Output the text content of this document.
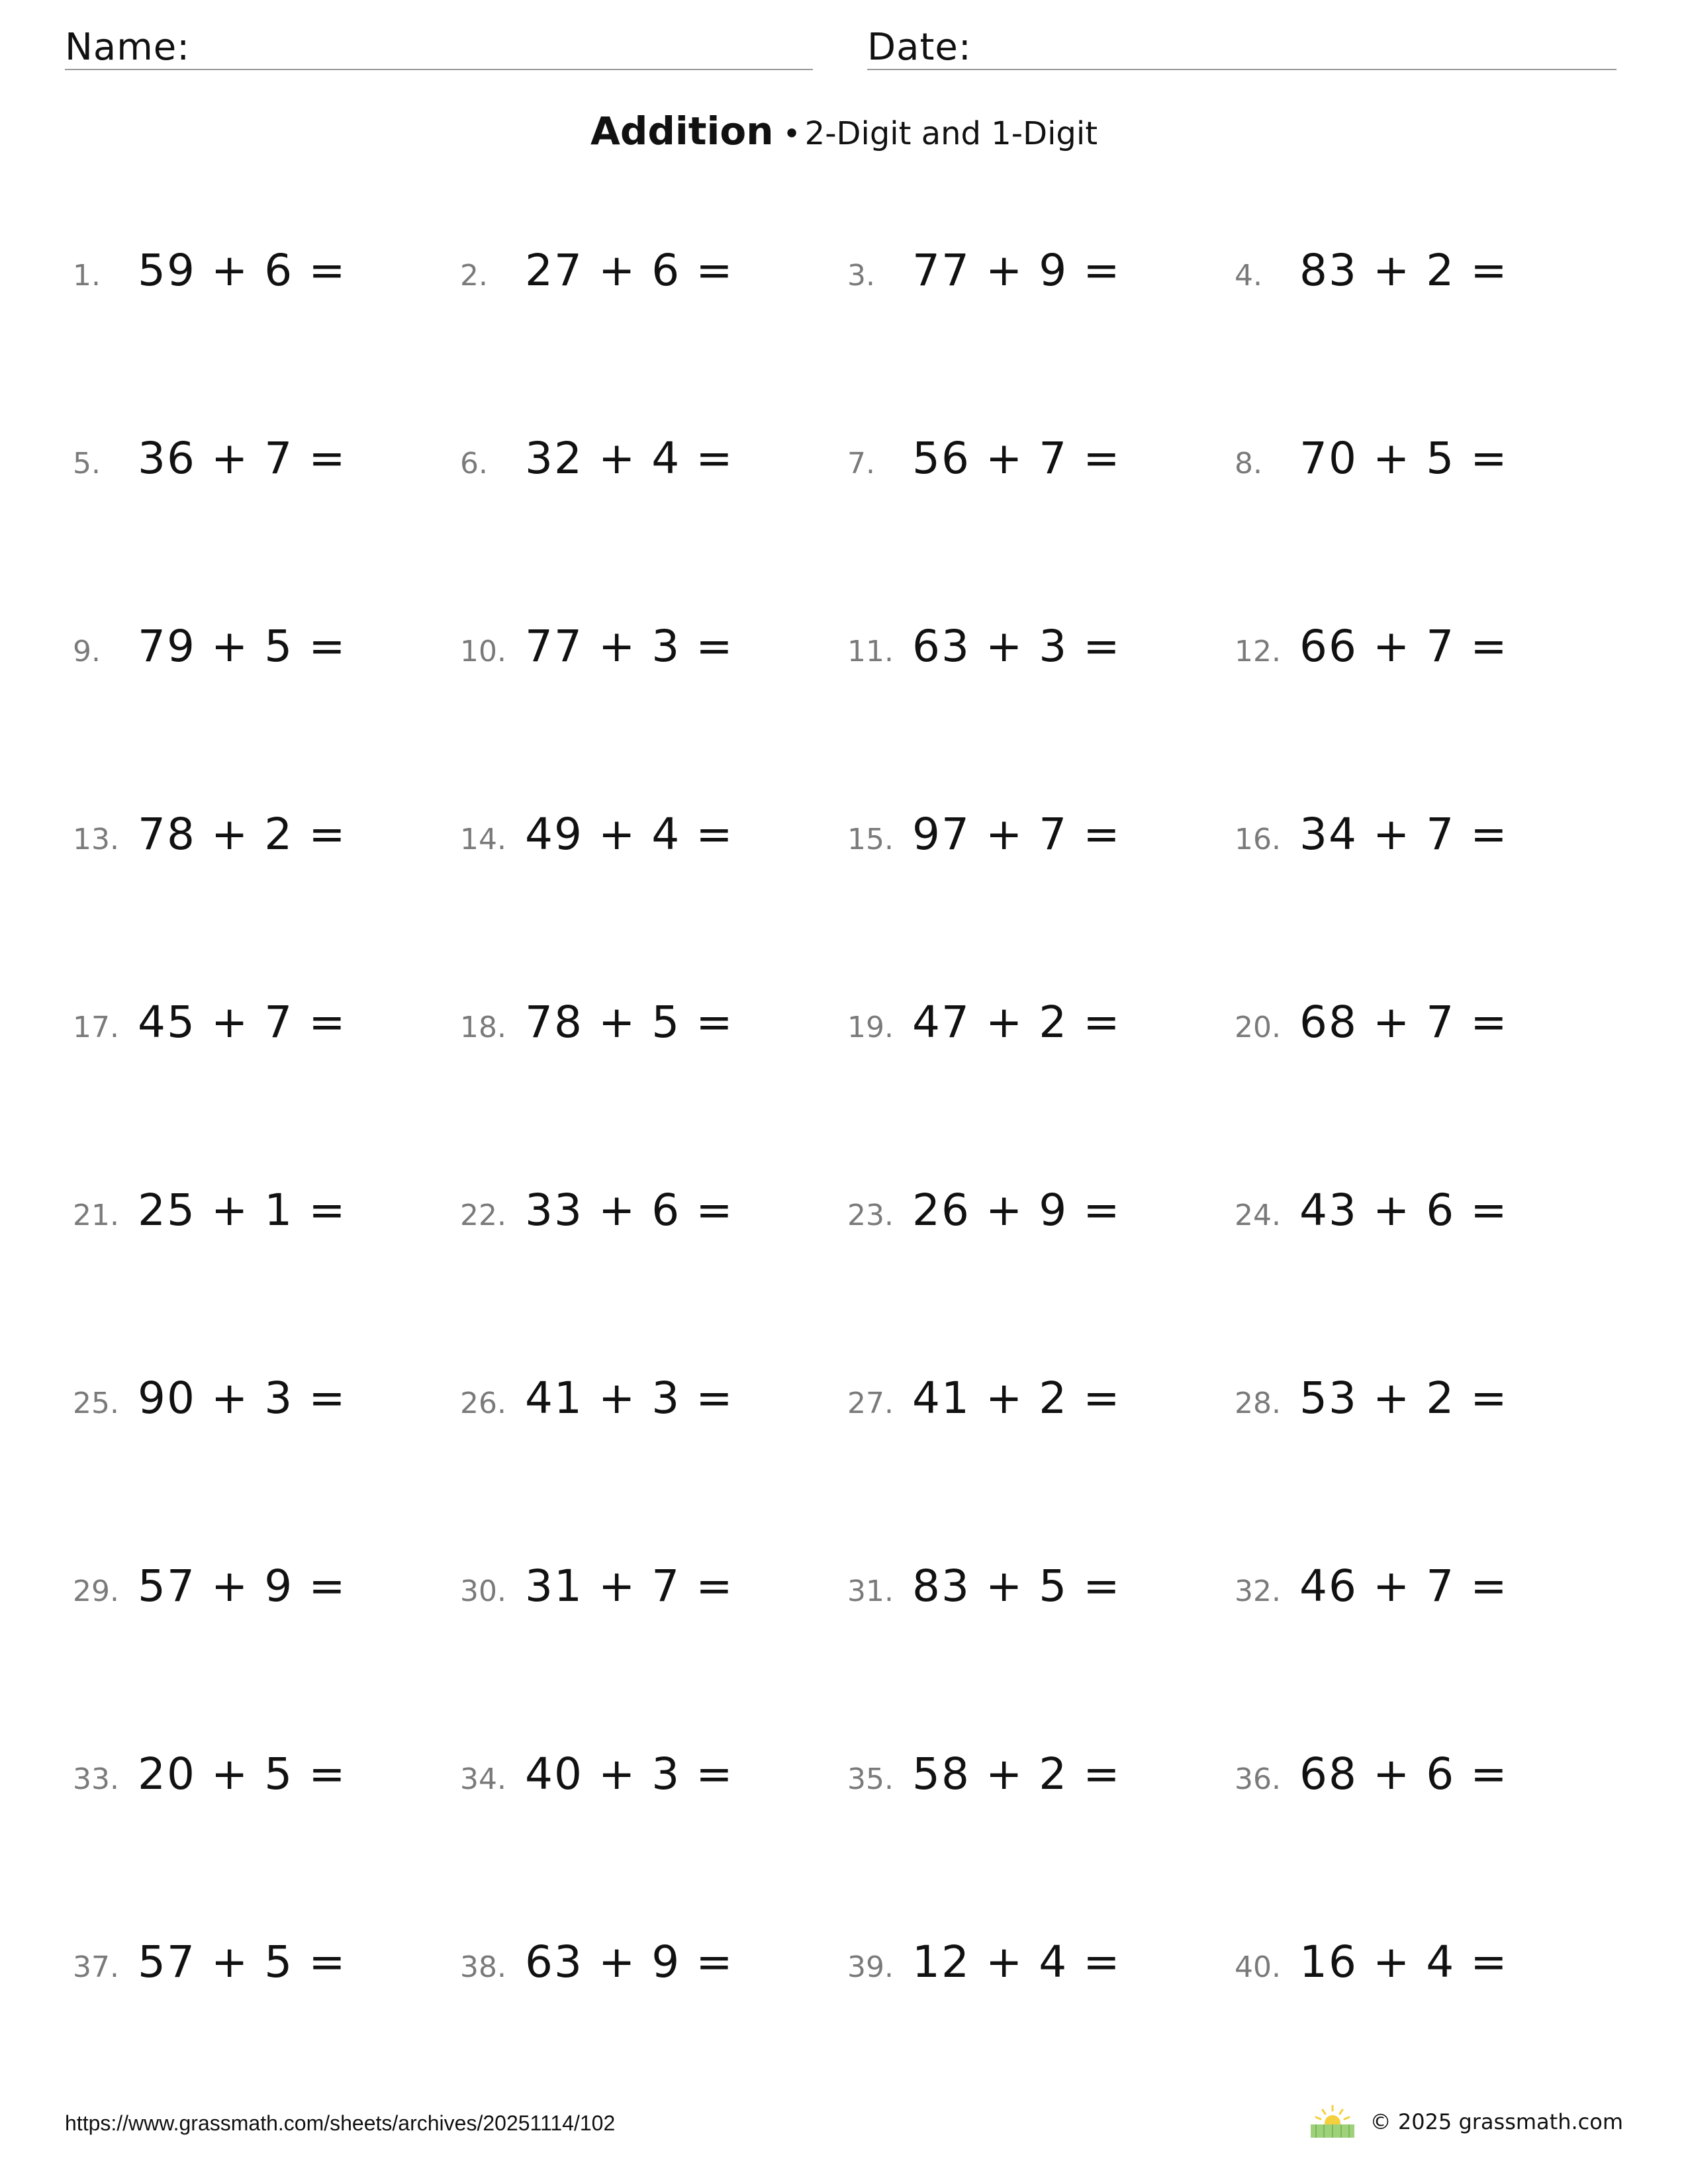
Name:	Date:
Addition • 2-Digit and 1-Digit
1. 59 + 6 =	2. 27 + 6 =	3. 77 + 9 =	4. 83 + 2 =
5. 36 + 7 =	6. 32 + 4 =	7. 56 + 7 =	8. 70 + 5 =
9. 79 + 5 =	10. 77 + 3 =	11. 63 + 3 =	12. 66 + 7 =
13. 78 + 2 =	14. 49 + 4 =	15. 97 + 7 =	16. 34 + 7 =
17. 45 + 7 =	18. 78 + 5 =	19. 47 + 2 =	20. 68 + 7 =
21. 25 + 1 =	22. 33 + 6 =	23. 26 + 9 =	24. 43 + 6 =
25. 90 + 3 =	26. 41 + 3 =	27. 41 + 2 =	28. 53 + 2 =
29. 57 + 9 =	30. 31 + 7 =	31. 83 + 5 =	32. 46 + 7 =
33. 20 + 5 =	34. 40 + 3 =	35. 58 + 2 =	36. 68 + 6 =
37. 57 + 5 =	38. 63 + 9 =	39. 12 + 4 =	40. 16 + 4 =
https://www.grassmath.com/sheets/archives/20251114/102	© 2025 grassmath.com
